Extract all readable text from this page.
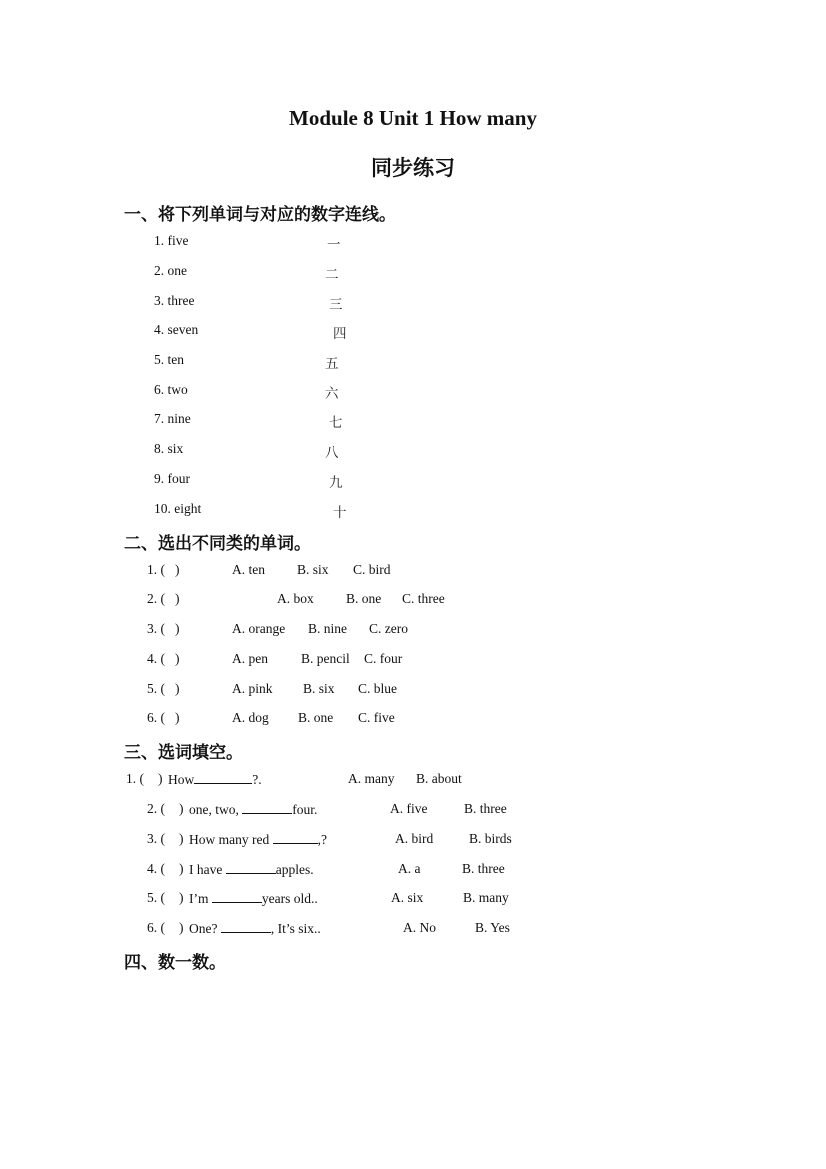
Module 8 Unit 1 How many
同步练习
一、将下列单词与对应的数字连线。
1. five	一
2. one	二
3. three	三
4. seven	四
5. ten	五
6. two	六
7. nine	七
8. six	八
9. four	九
10. eight	十
二、选出不同类的单词。
1. ( )	A. ten B. six C. bird
2. ( )	A. box B. one C. three
3. ( )	A. orange B. nine C. zero
4. ( )	A. pen B. pencil C. four
5. ( )	A. pink B. six C. blue
6. ( )	A. dog B. one C. five
三、选词填空。
1. ( ) How	?.	A. many B. about
2. ( ) one, two,	four.	A. five	B. three
3. ( ) How many red	,?	A. bird	B. birds
4. ( ) I have	apples.	A. a	B. three
5. ( ) I’m	years old..	A. six	B. many
6. ( ) One?	, It’s six..	A. No	B. Yes
四、数一数。
